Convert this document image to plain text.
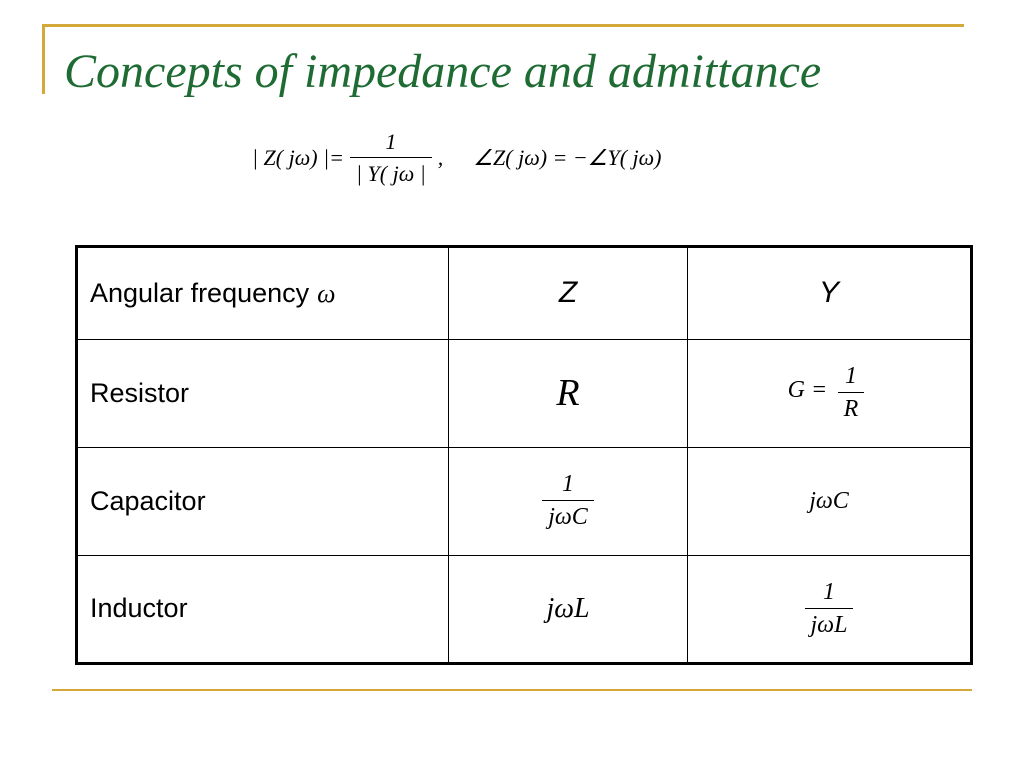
Concepts of impedance and admittance
| Z( jω) |= $\frac{1}{| Y( j\omega |}$ , ∠Z( jω) = −∠Y( jω)
Angular frequency ω	Z	Y
Resistor	R	$G = \frac{1}{R}$

Capacitor	$\frac{1}{\text{jωC}}$	jωC
Inductor	jωL	$\frac{1}{\text{jωL}}$
